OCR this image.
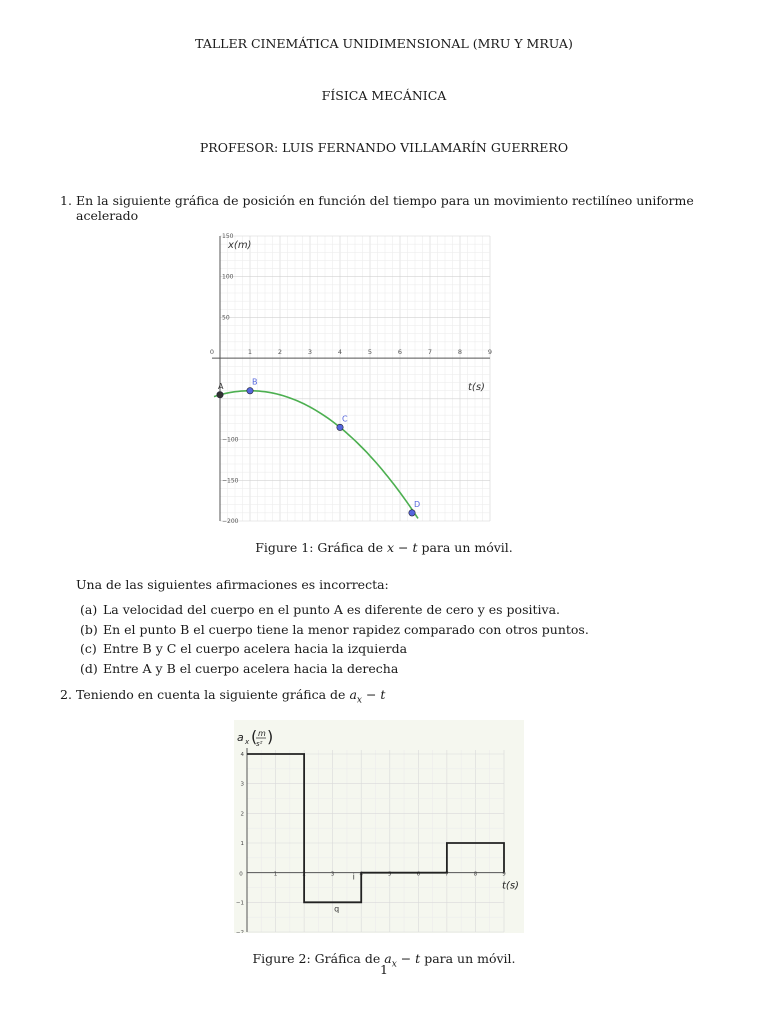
TALLER CINEMÁTICA UNIDIMENSIONAL (MRU Y MRUA)
FÍSICA MECÁNICA
PROFESOR: LUIS FERNANDO VILLAMARÍN GUERRERO
1. En la siguiente gráfica de posición en función del tiempo para un movimiento rectilíneo uniforme acelerado
0	1	2	3	4	5	6	7	8	9
150
100
50
−100
−150
−200
A	B
C
D
x(m)
t(s)
Figure 1: Gráfica de x − t para un móvil.
Una de las siguientes afirmaciones es incorrecta:
(a) La velocidad del cuerpo en el punto A es diferente de cero y es positiva.
(b) En el punto B el cuerpo tiene la menor rapidez comparado con otros puntos.
(c) Entre B y C el cuerpo acelera hacia la izquierda
(d) Entre A y B el cuerpo acelera hacia la derecha
2. Teniendo en cuenta la siguiente gráfica de $a_x - t$
0	1	2	3	4	5	6	7	8	9
4
3
2
1
−1
−2
a x ( m
s² )
t(s)
q
i
Figure 2: Gráfica de $a_x - t$ para un móvil.
1
